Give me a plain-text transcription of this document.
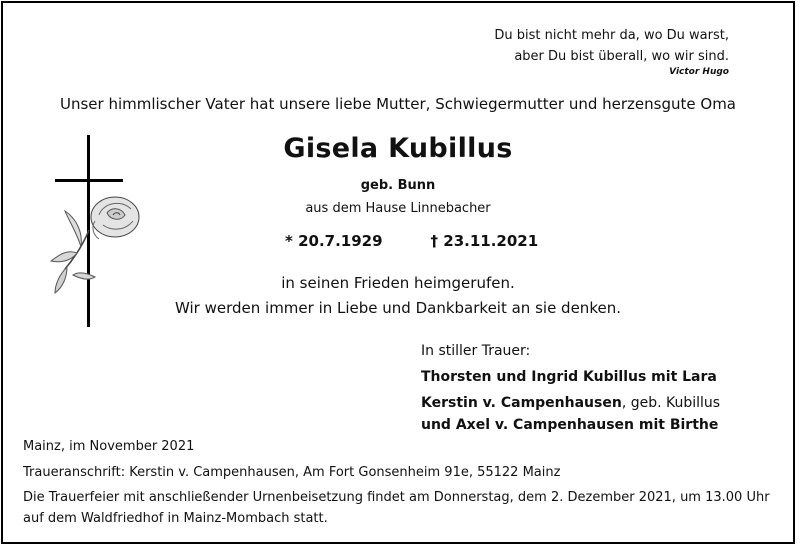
Du bist nicht mehr da, wo Du warst,
aber Du bist überall, wo wir sind.
Victor Hugo
Unser himmlischer Vater hat unsere liebe Mutter, Schwiegermutter und herzensgute Oma
Gisela Kubillus
geb. Bunn
aus dem Hause Linnebacher
* 20.7.1929	† 23.11.2021
in seinen Frieden heimgerufen.
Wir werden immer in Liebe und Dankbarkeit an sie denken.
In stiller Trauer:
Thorsten und Ingrid Kubillus mit Lara
Kerstin v. Campenhausen, geb. Kubillus
und Axel v. Campenhausen mit Birthe
Mainz, im November 2021
Traueranschrift: Kerstin v. Campenhausen, Am Fort Gonsenheim 91e, 55122 Mainz
Die Trauerfeier mit anschließender Urnenbeisetzung findet am Donnerstag, dem 2. Dezember 2021, um 13.00 Uhr
auf dem Waldfriedhof in Mainz-Mombach statt.
